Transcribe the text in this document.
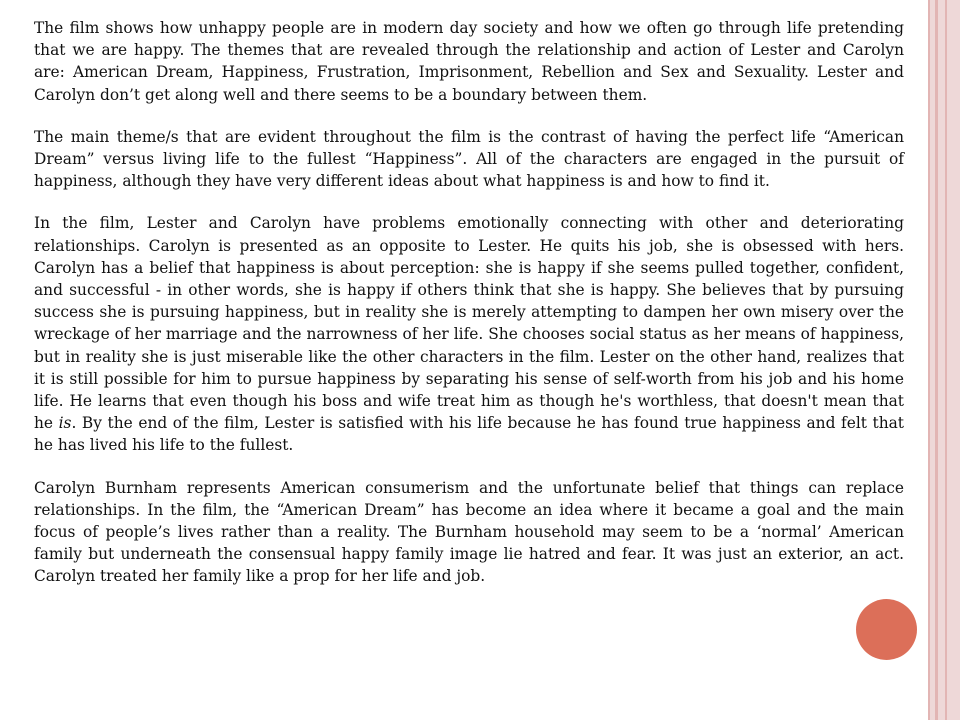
The film shows how unhappy people are in modern day society and how we often go through life pretending that we are happy. The themes that are revealed through the relationship and action of Lester and Carolyn are: American Dream, Happiness, Frustration, Imprisonment, Rebellion and Sex and Sexuality. Lester and Carolyn don’t get along well and there seems to be a boundary between them.

The main theme/s that are evident throughout the film is the contrast of having the perfect life “American Dream” versus living life to the fullest “Happiness”. All of the characters are engaged in the pursuit of happiness, although they have very different ideas about what happiness is and how to find it.

In the film, Lester and Carolyn have problems emotionally connecting with other and deteriorating relationships. Carolyn is presented as an opposite to Lester. He quits his job, she is obsessed with hers. Carolyn has a belief that happiness is about perception: she is happy if she seems pulled together, confident, and successful - in other words, she is happy if others think that she is happy. She believes that by pursuing success she is pursuing happiness, but in reality she is merely attempting to dampen her own misery over the wreckage of her marriage and the narrowness of her life. She chooses social status as her means of happiness, but in reality she is just miserable like the other characters in the film. Lester on the other hand, realizes that it is still possible for him to pursue happiness by separating his sense of self-worth from his job and his home life. He learns that even though his boss and wife treat him as though he's worthless, that doesn't mean that he is. By the end of the film, Lester is satisfied with his life because he has found true happiness and felt that he has lived his life to the fullest.

Carolyn Burnham represents American consumerism and the unfortunate belief that things can replace relationships. In the film, the “American Dream” has become an idea where it became a goal and the main focus of people’s lives rather than a reality. The Burnham household may seem to be a ‘normal’ American family but underneath the consensual happy family image lie hatred and fear. It was just an exterior, an act. Carolyn treated her family like a prop for her life and job.
